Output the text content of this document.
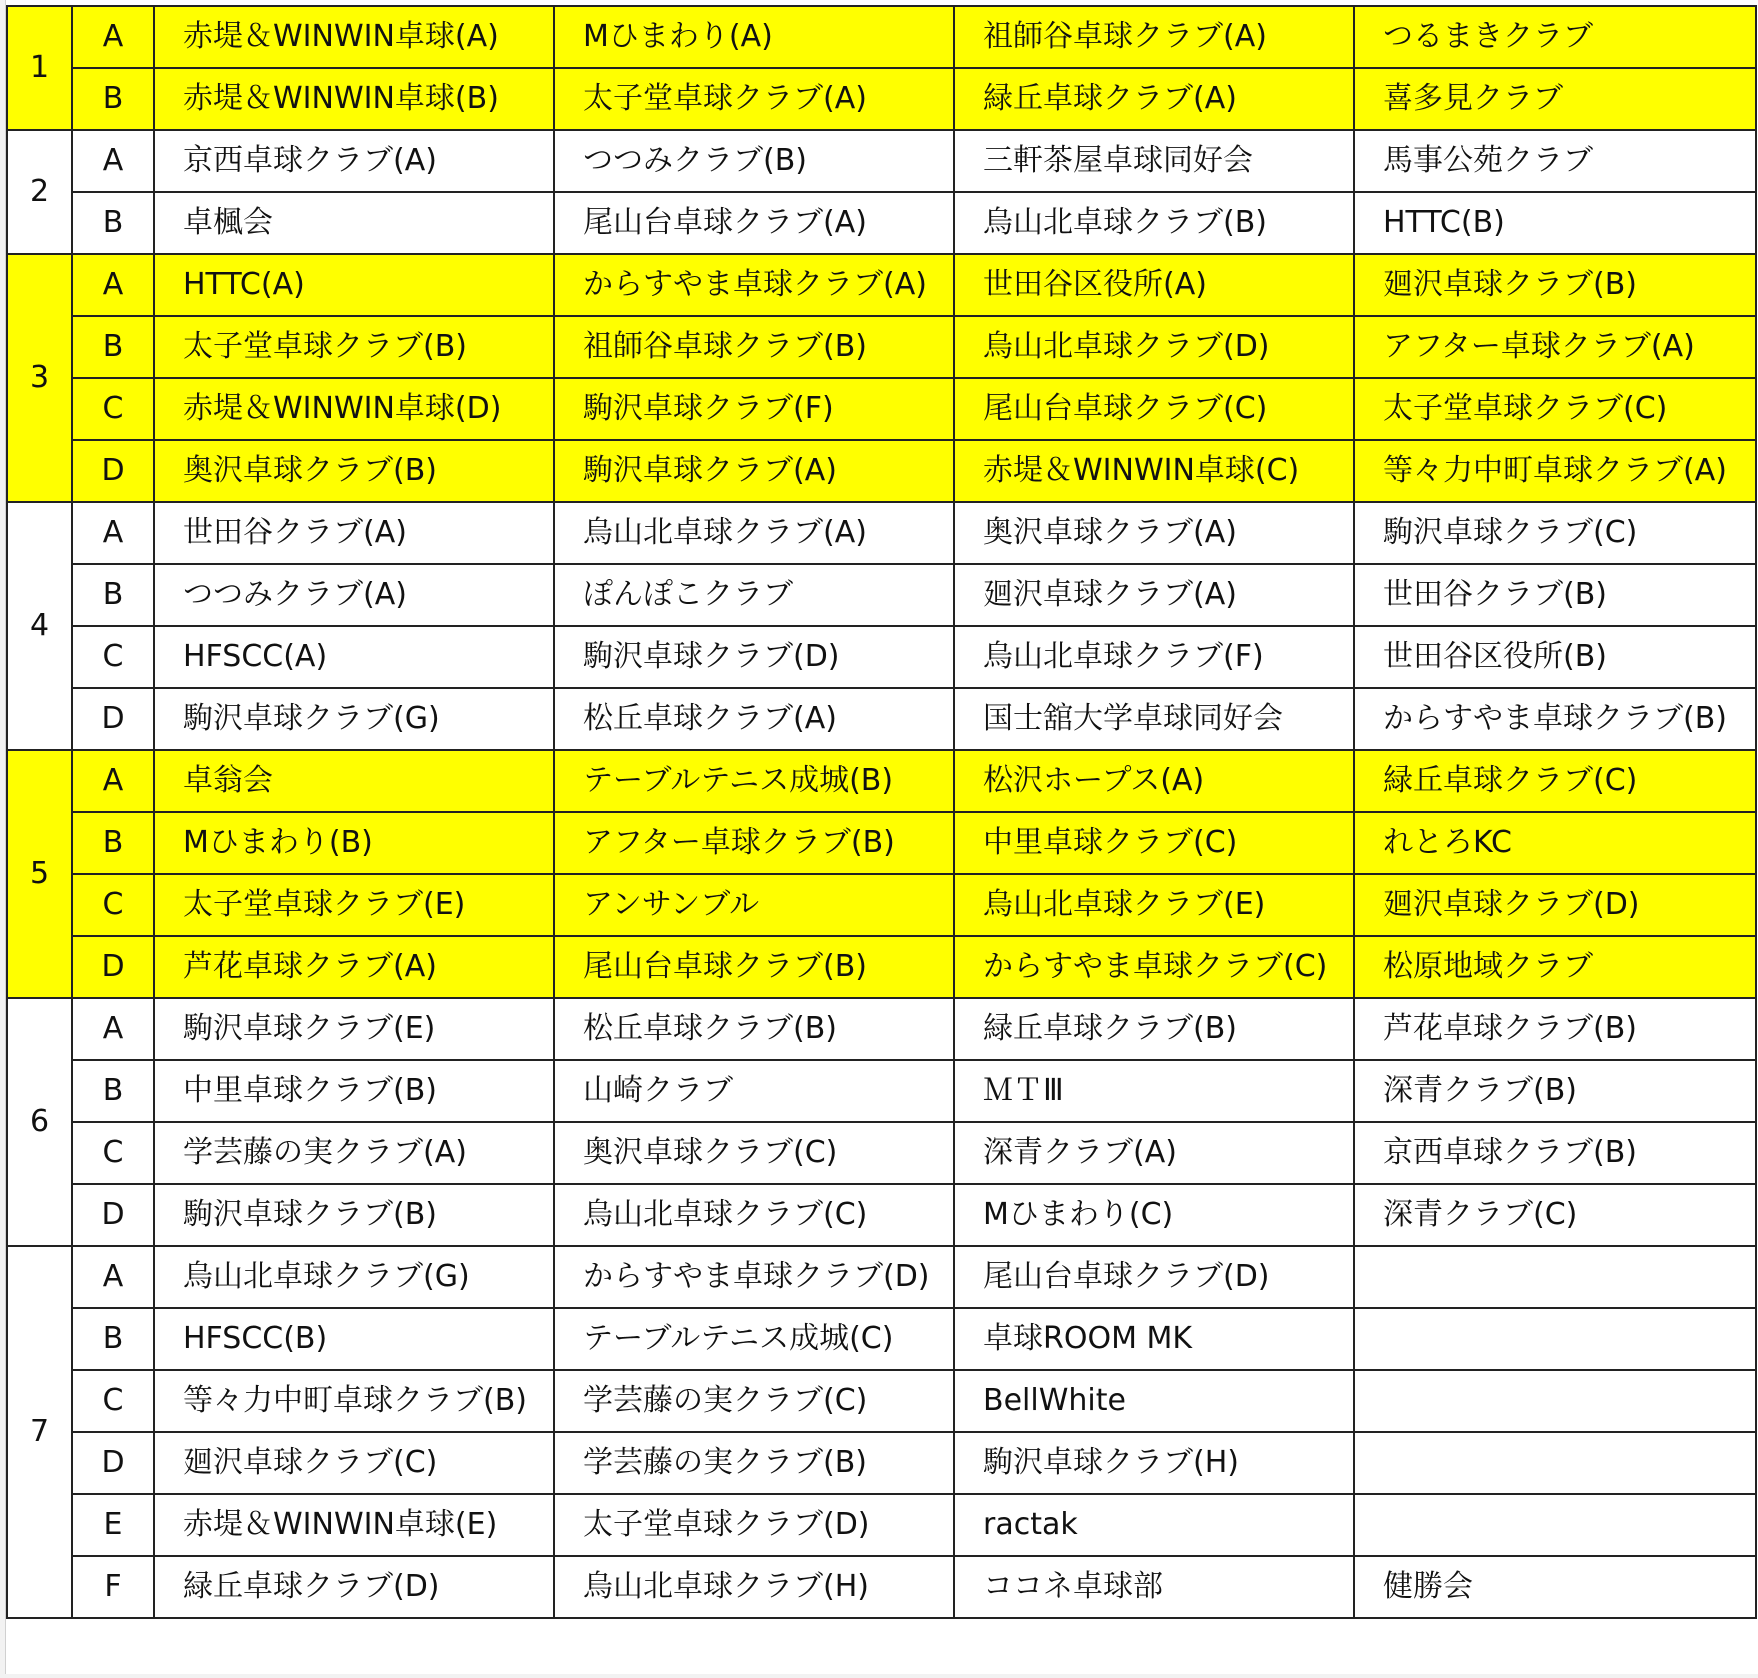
1	A	赤堤＆WINWIN卓球(A)	Mひまわり(A)	祖師谷卓球クラブ(A)	つるまきクラブ
	B	赤堤＆WINWIN卓球(B)	太子堂卓球クラブ(A)	緑丘卓球クラブ(A)	喜多見クラブ
2	A	京西卓球クラブ(A)	つつみクラブ(B)	三軒茶屋卓球同好会	馬事公苑クラブ
	B	卓楓会	尾山台卓球クラブ(A)	烏山北卓球クラブ(B)	HTTC(B)
3	A	HTTC(A)	からすやま卓球クラブ(A)	世田谷区役所(A)	廻沢卓球クラブ(B)
	B	太子堂卓球クラブ(B)	祖師谷卓球クラブ(B)	烏山北卓球クラブ(D)	アフター卓球クラブ(A)
	C	赤堤＆WINWIN卓球(D)	駒沢卓球クラブ(F)	尾山台卓球クラブ(C)	太子堂卓球クラブ(C)
	D	奥沢卓球クラブ(B)	駒沢卓球クラブ(A)	赤堤＆WINWIN卓球(C)	等々力中町卓球クラブ(A)
4	A	世田谷クラブ(A)	烏山北卓球クラブ(A)	奥沢卓球クラブ(A)	駒沢卓球クラブ(C)
	B	つつみクラブ(A)	ぽんぽこクラブ	廻沢卓球クラブ(A)	世田谷クラブ(B)
	C	HFSCC(A)	駒沢卓球クラブ(D)	烏山北卓球クラブ(F)	世田谷区役所(B)
	D	駒沢卓球クラブ(G)	松丘卓球クラブ(A)	国士舘大学卓球同好会	からすやま卓球クラブ(B)
5	A	卓翁会	テーブルテニス成城(B)	松沢ホープス(A)	緑丘卓球クラブ(C)
	B	Mひまわり(B)	アフター卓球クラブ(B)	中里卓球クラブ(C)	れとろKC
	C	太子堂卓球クラブ(E)	アンサンブル	烏山北卓球クラブ(E)	廻沢卓球クラブ(D)
	D	芦花卓球クラブ(A)	尾山台卓球クラブ(B)	からすやま卓球クラブ(C)	松原地域クラブ
6	A	駒沢卓球クラブ(E)	松丘卓球クラブ(B)	緑丘卓球クラブ(B)	芦花卓球クラブ(B)
	B	中里卓球クラブ(B)	山崎クラブ	ＭＴⅢ	深青クラブ(B)
	C	学芸藤の実クラブ(A)	奥沢卓球クラブ(C)	深青クラブ(A)	京西卓球クラブ(B)
	D	駒沢卓球クラブ(B)	烏山北卓球クラブ(C)	Mひまわり(C)	深青クラブ(C)
7	A	烏山北卓球クラブ(G)	からすやま卓球クラブ(D)	尾山台卓球クラブ(D)	
	B	HFSCC(B)	テーブルテニス成城(C)	卓球ROOM MK	
	C	等々力中町卓球クラブ(B)	学芸藤の実クラブ(C)	BellWhite	
	D	廻沢卓球クラブ(C)	学芸藤の実クラブ(B)	駒沢卓球クラブ(H)	
	E	赤堤＆WINWIN卓球(E)	太子堂卓球クラブ(D)	ractak	
	F	緑丘卓球クラブ(D)	烏山北卓球クラブ(H)	ココネ卓球部	健勝会
